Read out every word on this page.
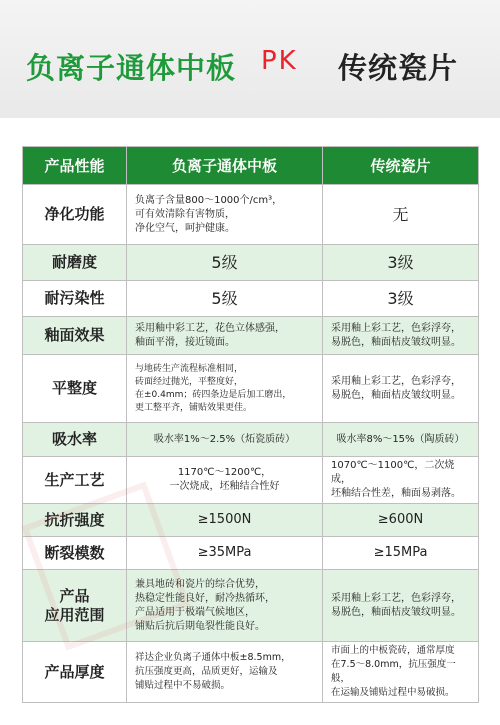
负离子通体中板 PK 传统瓷片
产品性能	负离子通体中板	传统瓷片
净化功能	负离子含量800～1000个/cm³，
可有效清除有害物质，
净化空气，呵护健康。	无
耐磨度	5级	3级
耐污染性	5级	3级
釉面效果	采用釉中彩工艺，花色立体感强，
釉面平滑，接近镜面。	采用釉上彩工艺，色彩浮夸，
易脱色，釉面桔皮皱纹明显。
平整度	与地砖生产流程标准相同，
砖面经过抛光，平整度好，
在±0.4mm；砖四条边是后加工磨出，
更工整平齐，铺贴效果更佳。	采用釉上彩工艺，色彩浮夸，
易脱色，釉面桔皮皱纹明显。
吸水率	吸水率1%～2.5%（炻瓷质砖）	吸水率8%～15%（陶质砖）
生产工艺	1170℃～1200℃，
一次烧成，坯釉结合性好	1070℃～1100℃，二次烧成，
坯釉结合性差，釉面易剥落。
抗折强度	≥1500N	≥600N
断裂模数	≥35MPa	≥15MPa
产品
应用范围	兼具地砖和瓷片的综合优势，
热稳定性能良好，耐冷热循环，
产品适用于极端气候地区，
铺贴后抗后期龟裂性能良好。	采用釉上彩工艺，色彩浮夸，
易脱色，釉面桔皮皱纹明显。
产品厚度	祥达企业负离子通体中板±8.5mm，
抗压强度更高，品质更好，运输及
铺贴过程中不易破损。	市面上的中板瓷砖，通常厚度
在7.5～8.0mm，抗压强度一般，
在运输及铺贴过程中易破损。
